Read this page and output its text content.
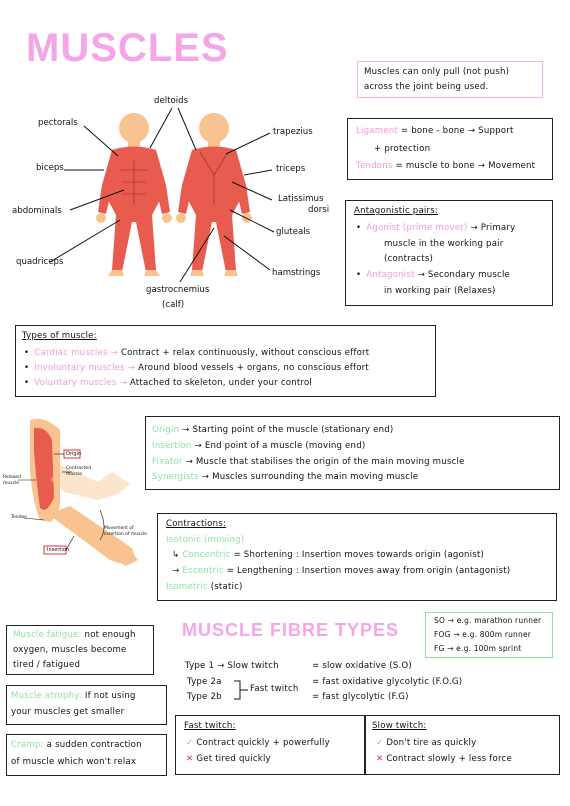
MUSCLES
Muscles can only pull (not push)
across the joint being used.
deltoids
pectorals
biceps
abdominals
quadriceps
gastrocnemius
(calf)
trapezius
triceps
Latissimus
dorsi
gluteals
hamstrings
Ligament = bone - bone → Support
+ protection
Tendons = muscle to bone → Movement
Antagonistic pairs:
• Agonist (prime mover) → Primary
muscle in the working pair
(contracts)
• Antagonist → Secondary muscle
in working pair (Relaxes)
Types of muscle:
• Cardiac muscles → Contract + relax continuously, without conscious effort
• Involuntary muscles → Around blood vessels + organs, no conscious effort
• Voluntary muscles → Attached to skeleton, under your control
Origin
Relaxed
muscle
Contracted
muscle
Tendon
Movement of
insertion of muscle
Insertion
Origin → Starting point of the muscle (stationary end)
Insertion → End point of a muscle (moving end)
Fixator → Muscle that stabilises the origin of the main moving muscle
Synergists → Muscles surrounding the main moving muscle
Contractions:
Isotonic (moving)
↳ Concentric = Shortening : Insertion moves towards origin (agonist)
→ Eccentric = Lengthening : Insertion moves away from origin (antagonist)
Isometric (static)
MUSCLE FIBRE TYPES	SO → e.g. marathon runner
FOG → e.g. 800m runner
FG → e.g. 100m sprint
Type 1 → Slow twitch	= slow oxidative (S.O)
Type 2a
Type 2b
Fast twitch
= fast oxidative glycolytic (F.O.G)
= fast glycolytic (F.G)
Muscle fatigue: not enough
oxygen, muscles become
tired / fatigued
Muscle atrophy: If not using
your muscles get smaller
Cramp: a sudden contraction
of muscle which won't relax
Fast twitch:
✓ Contract quickly + powerfully
✕ Get tired quickly
Slow twitch:
✓ Don't tire as quickly
✕ Contract slowly + less force
